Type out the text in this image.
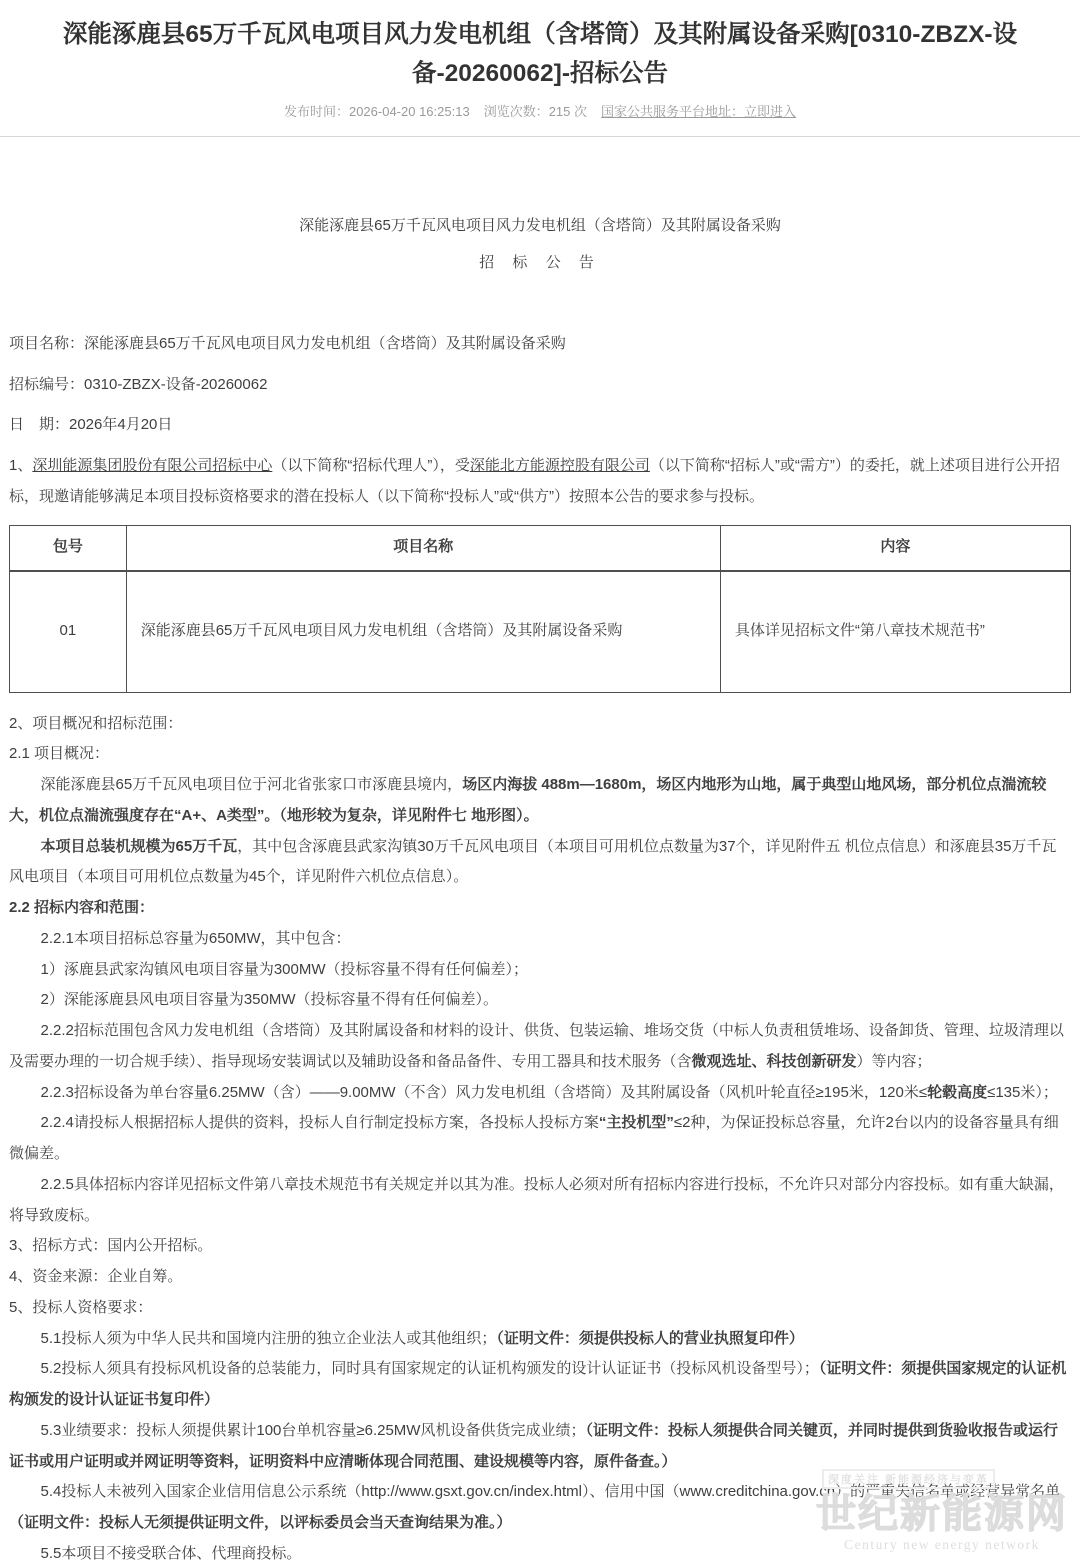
深能涿鹿县65万千瓦风电项目风力发电机组（含塔筒）及其附属设备采购[0310-ZBZX-设备-20260062]-招标公告
发布时间：2026-04-20 16:25:13 浏览次数：215 次 国家公共服务平台地址：立即进入

深能涿鹿县65万千瓦风电项目风力发电机组（含塔筒）及其附属设备采购

招 标 公 告

项目名称：深能涿鹿县65万千瓦风电项目风力发电机组（含塔筒）及其附属设备采购

招标编号：0310-ZBZX-设备-20260062

日　期：2026年4月20日

1、深圳能源集团股份有限公司招标中心（以下简称“招标代理人”），受深能北方能源控股有限公司（以下简称“招标人”或“需方”）的委托，就上述项目进行公开招标，现邀请能够满足本项目投标资格要求的潜在投标人（以下简称“投标人”或“供方”）按照本公告的要求参与投标。

包号	项目名称	内容
01	深能涿鹿县65万千瓦风电项目风力发电机组（含塔筒）及其附属设备采购	具体详见招标文件“第八章技术规范书”

2、项目概况和招标范围：

2.1 项目概况：

深能涿鹿县65万千瓦风电项目位于河北省张家口市涿鹿县境内，场区内海拔 488m—1680m，场区内地形为山地，属于典型山地风场，部分机位点湍流较大，机位点湍流强度存在“A+、A类型”。（地形较为复杂，详见附件七 地形图）。

本项目总装机规模为65万千瓦，其中包含涿鹿县武家沟镇30万千瓦风电项目（本项目可用机位点数量为37个，详见附件五 机位点信息）和涿鹿县35万千瓦风电项目（本项目可用机位点数量为45个，详见附件六机位点信息）。

2.2 招标内容和范围：

2.2.1本项目招标总容量为650MW，其中包含：

1）涿鹿县武家沟镇风电项目容量为300MW（投标容量不得有任何偏差）；

2）深能涿鹿县风电项目容量为350MW（投标容量不得有任何偏差）。

2.2.2招标范围包含风力发电机组（含塔筒）及其附属设备和材料的设计、供货、包装运输、堆场交货（中标人负责租赁堆场、设备卸货、管理、垃圾清理以及需要办理的一切合规手续）、指导现场安装调试以及辅助设备和备品备件、专用工器具和技术服务（含微观选址、科技创新研发）等内容；

2.2.3招标设备为单台容量6.25MW（含）——9.00MW（不含）风力发电机组（含塔筒）及其附属设备（风机叶轮直径≥195米，120米≤轮毂高度≤135米）；

2.2.4请投标人根据招标人提供的资料，投标人自行制定投标方案，各投标人投标方案“主投机型”≤2种，为保证投标总容量，允许2台以内的设备容量具有细微偏差。

2.2.5具体招标内容详见招标文件第八章技术规范书有关规定并以其为准。投标人必须对所有招标内容进行投标，不允许只对部分内容投标。如有重大缺漏，将导致废标。

3、招标方式：国内公开招标。

4、资金来源：企业自筹。

5、投标人资格要求：

5.1投标人须为中华人民共和国境内注册的独立企业法人或其他组织；（证明文件：须提供投标人的营业执照复印件）

5.2投标人须具有投标风机设备的总装能力，同时具有国家规定的认证机构颁发的设计认证证书（投标风机设备型号）；（证明文件：须提供国家规定的认证机构颁发的设计认证证书复印件）

5.3业绩要求：投标人须提供累计100台单机容量≥6.25MW风机设备供货完成业绩；（证明文件：投标人须提供合同关键页，并同时提供到货验收报告或运行证书或用户证明或并网证明等资料，证明资料中应清晰体现合同范围、建设规模等内容，原件备查。）

5.4投标人未被列入国家企业信用信息公示系统（http://www.gsxt.gov.cn/index.html）、信用中国（www.creditchina.gov.cn）的严重失信名单或经营异常名单（证明文件：投标人无须提供证明文件，以评标委员会当天查询结果为准。）

5.5本项目不接受联合体、代理商投标。

深度关注 新能源经济与变革
世纪新能源网
Century new energy network
